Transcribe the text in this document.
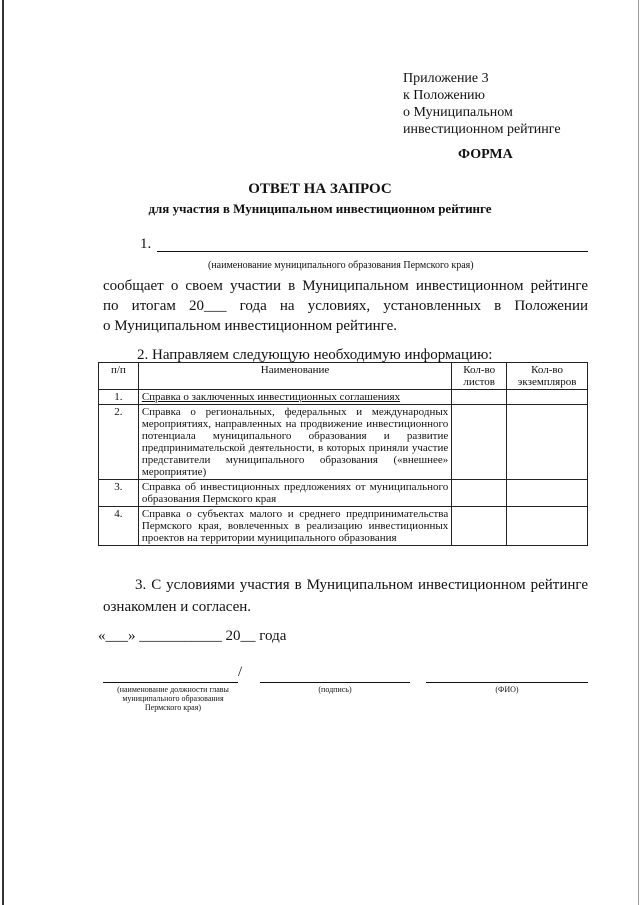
Приложение 3
к Положению
о Муниципальном
инвестиционном рейтинге
ФОРМА
ОТВЕТ НА ЗАПРОС
для участия в Муниципальном инвестиционном рейтинге
1.
(наименование муниципального образования Пермского края)
сообщает о своем участии в Муниципальном инвестиционном рейтинге
по итогам 20___ года на условиях, установленных в Положении
о Муниципальном инвестиционном рейтинге.
2. Направляем следующую необходимую информацию:
п/п	Наименование	Кол-во листов	Кол-во экземпляров
1.	Справка о заключенных инвестиционных соглашениях		
2.	Справка о региональных, федеральных и международных мероприятиях, направленных на продвижение инвестиционного потенциала муниципального образования и развитие предпринимательской деятельности, в которых приняли участие представители муниципального образования («внешнее» мероприятие)		
3.	Справка об инвестиционных предложениях от муниципального образования Пермского края		
4.	Справка о субъектах малого и среднего предпринимательства Пермского края, вовлеченных в реализацию инвестиционных проектов на территории муниципального образования		
3. С условиями участия в Муниципальном инвестиционном рейтинге
ознакомлен и согласен.
«___» ___________ 20__ года
/
(наименование должности главы муниципального образования Пермского края)
(подпись)	(ФИО)
